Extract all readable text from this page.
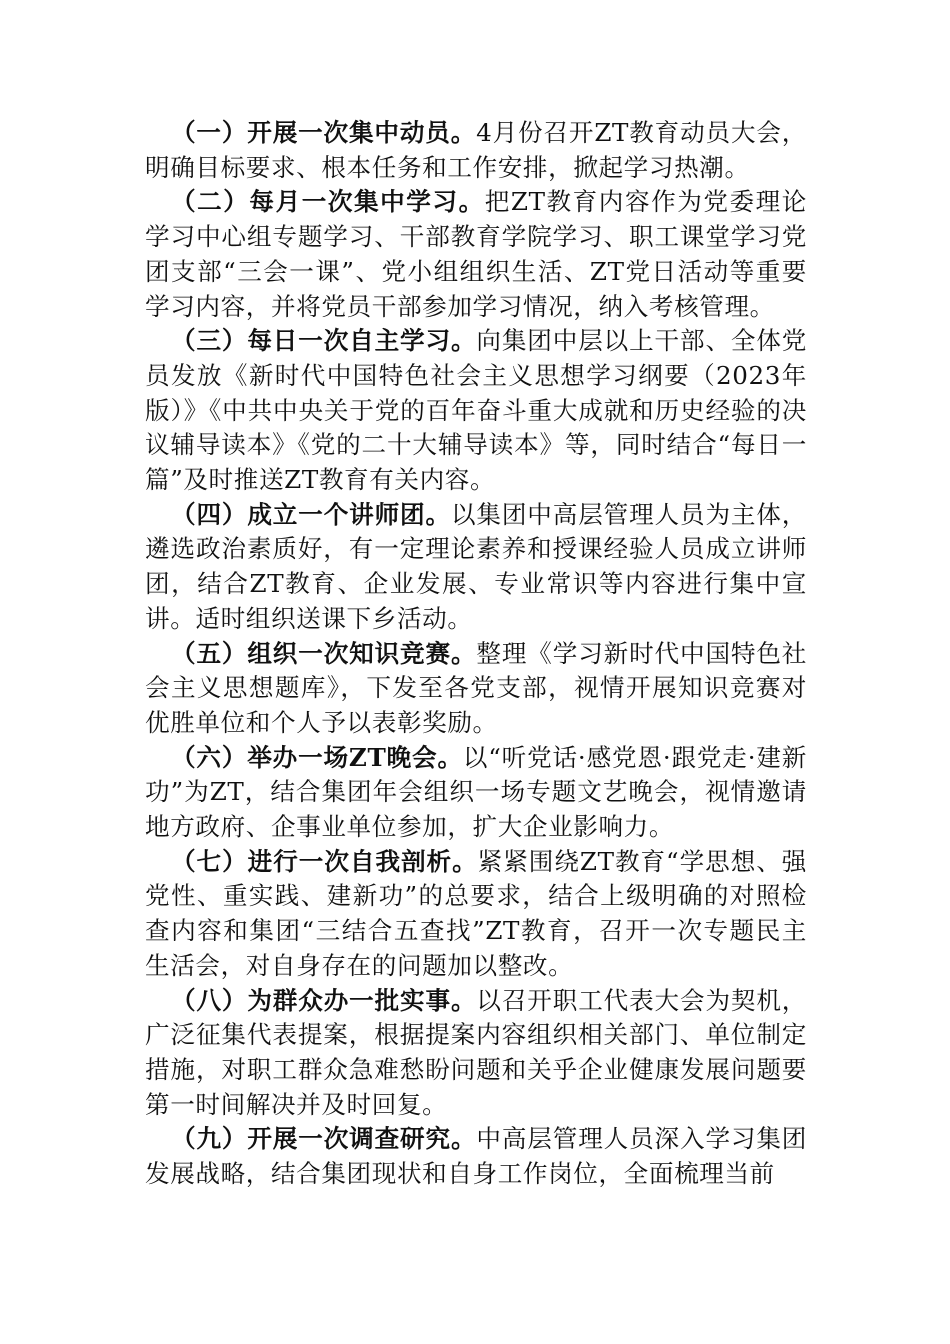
（一）开展一次集中动员。4月份召开ZT教育动员大会，明确目标要求、根本任务和工作安排，掀起学习热潮。

（二）每月一次集中学习。把ZT教育内容作为党委理论学习中心组专题学习、干部教育学院学习、职工课堂学习党团支部“三会一课”、党小组组织生活、ZT党日活动等重要学习内容，并将党员干部参加学习情况，纳入考核管理。

（三）每日一次自主学习。向集团中层以上干部、全体党员发放《新时代中国特色社会主义思想学习纲要（2023年版）》《中共中央关于党的百年奋斗重大成就和历史经验的决议辅导读本》《党的二十大辅导读本》等，同时结合“每日一篇”及时推送ZT教育有关内容。

（四）成立一个讲师团。以集团中高层管理人员为主体，遴选政治素质好，有一定理论素养和授课经验人员成立讲师团，结合ZT教育、企业发展、专业常识等内容进行集中宣讲。适时组织送课下乡活动。

（五）组织一次知识竞赛。整理《学习新时代中国特色社会主义思想题库》，下发至各党支部，视情开展知识竞赛对优胜单位和个人予以表彰奖励。

（六）举办一场ZT晚会。以“听党话·感党恩·跟党走·建新功”为ZT，结合集团年会组织一场专题文艺晚会，视情邀请地方政府、企事业单位参加，扩大企业影响力。

（七）进行一次自我剖析。紧紧围绕ZT教育“学思想、强党性、重实践、建新功”的总要求，结合上级明确的对照检查内容和集团“三结合五查找”ZT教育，召开一次专题民主生活会，对自身存在的问题加以整改。

（八）为群众办一批实事。以召开职工代表大会为契机，广泛征集代表提案，根据提案内容组织相关部门、单位制定措施，对职工群众急难愁盼问题和关乎企业健康发展问题要第一时间解决并及时回复。

（九）开展一次调查研究。中高层管理人员深入学习集团发展战略，结合集团现状和自身工作岗位，全面梳理当前
